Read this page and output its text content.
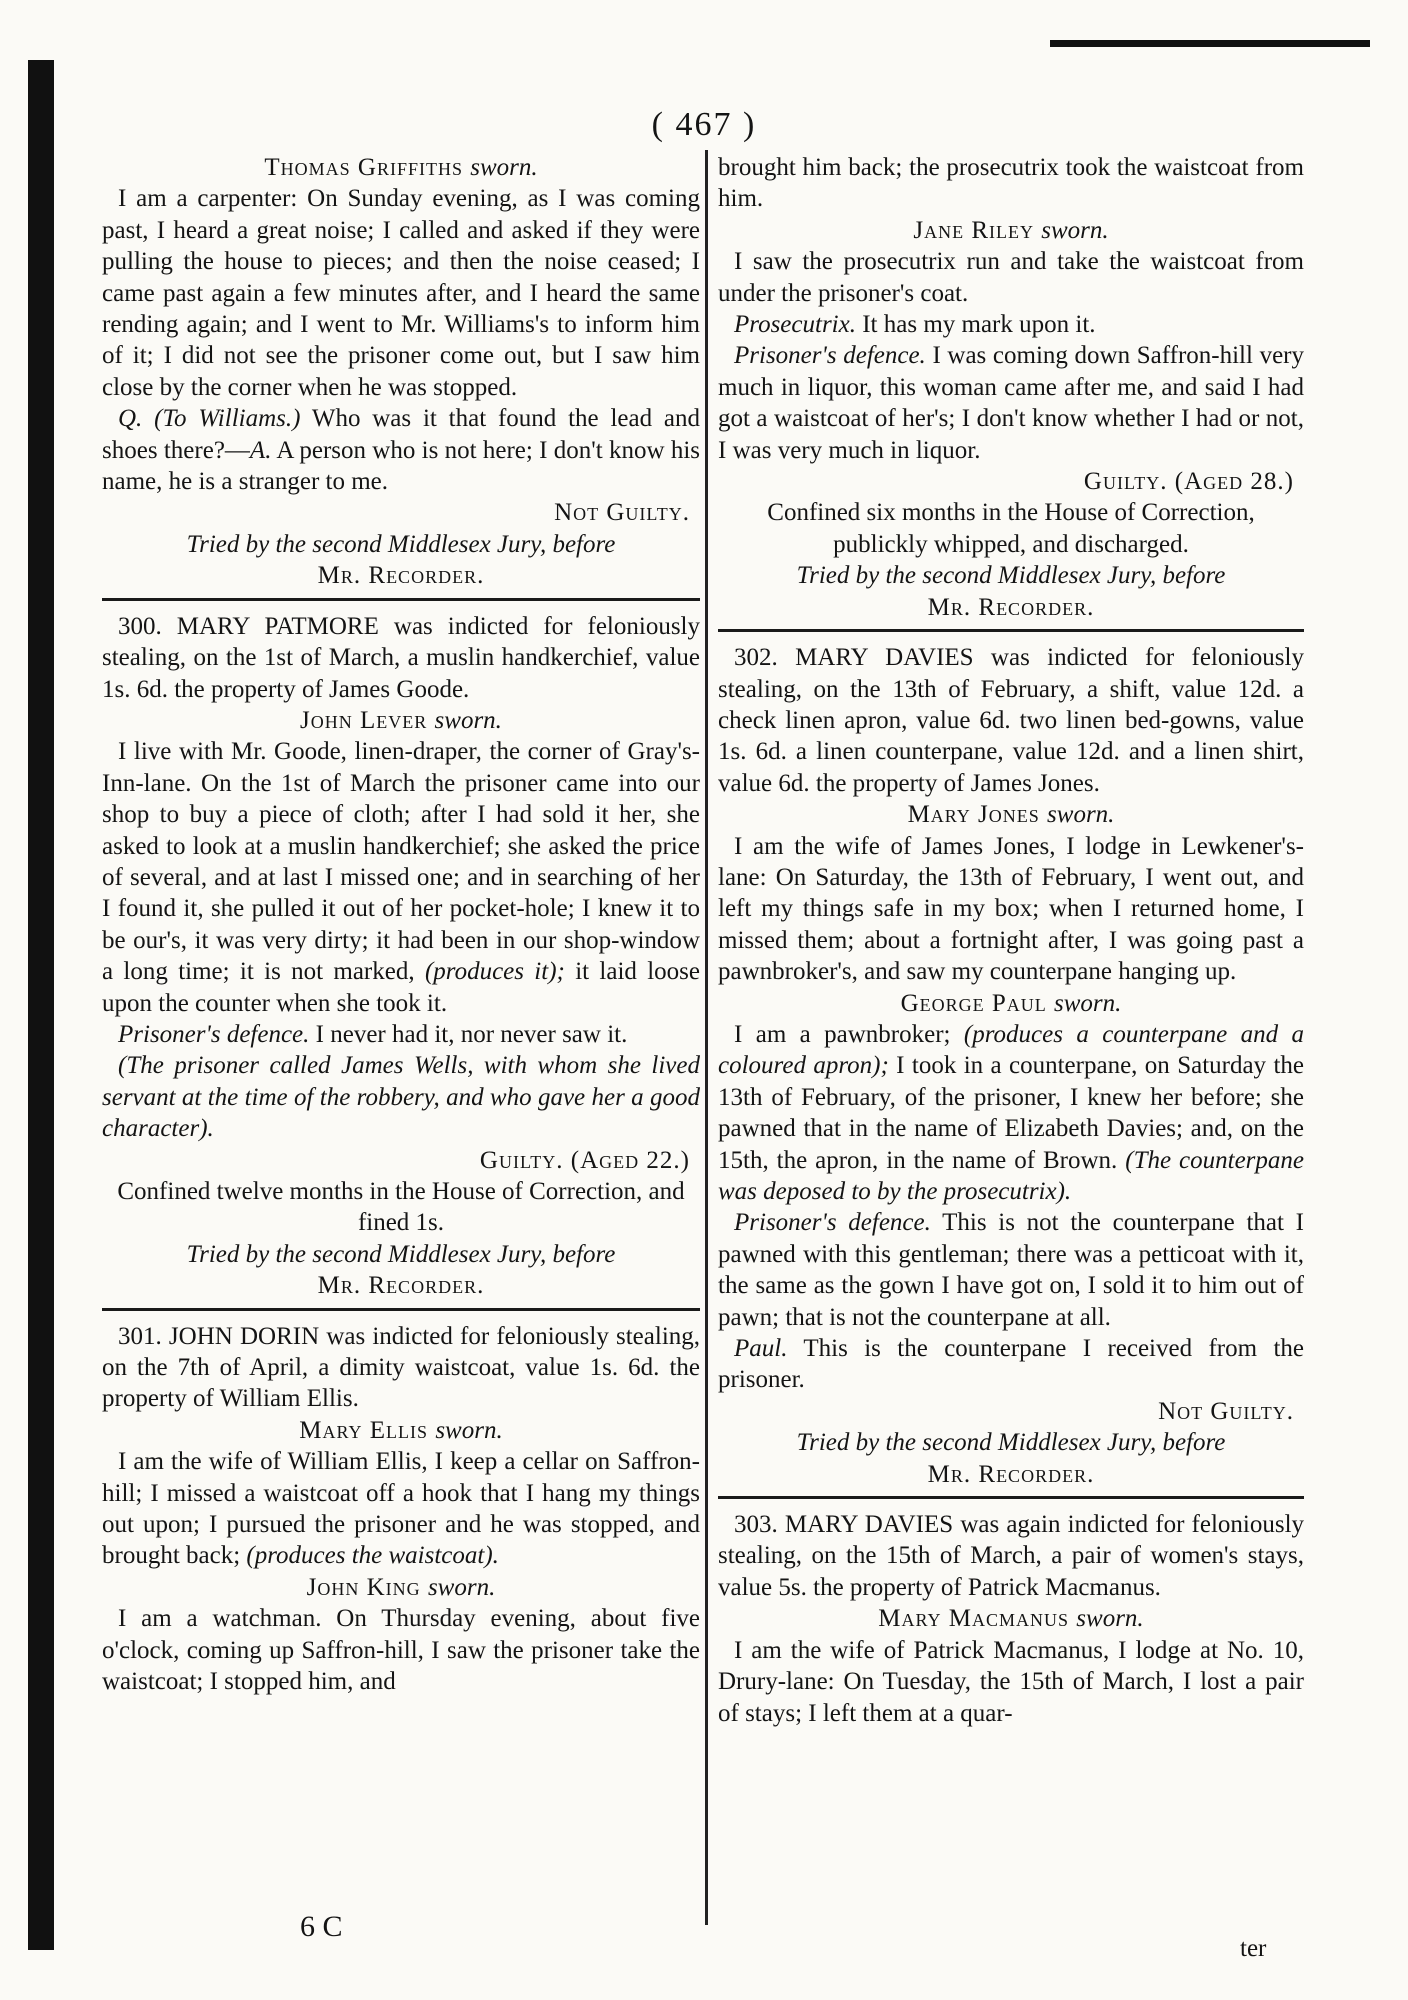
( 467 )
Thomas Griffiths sworn.

I am a carpenter: On Sunday evening, as I was coming past, I heard a great noise; I called and asked if they were pulling the house to pieces; and then the noise ceased; I came past again a few minutes after, and I heard the same rending again; and I went to Mr. Williams's to inform him of it; I did not see the prisoner come out, but I saw him close by the corner when he was stopped.

Q. (To Williams.) Who was it that found the lead and shoes there?—A. A person who is not here; I don't know his name, he is a stranger to me.

Not Guilty.
Tried by the second Middlesex Jury, before
Mr. Recorder.

300. MARY PATMORE was indicted for feloniously stealing, on the 1st of March, a muslin handkerchief, value 1s. 6d. the property of James Goode.

John Lever sworn.

I live with Mr. Goode, linen-draper, the corner of Gray's-Inn-lane. On the 1st of March the prisoner came into our shop to buy a piece of cloth; after I had sold it her, she asked to look at a muslin handkerchief; she asked the price of several, and at last I missed one; and in searching of her I found it, she pulled it out of her pocket-hole; I knew it to be our's, it was very dirty; it had been in our shop-window a long time; it is not marked, (produces it); it laid loose upon the counter when she took it.

Prisoner's defence. I never had it, nor never saw it.

(The prisoner called James Wells, with whom she lived servant at the time of the robbery, and who gave her a good character).

Guilty. (Aged 22.)
Confined twelve months in the House of Correction, and fined 1s.
Tried by the second Middlesex Jury, before
Mr. Recorder.

301. JOHN DORIN was indicted for feloniously stealing, on the 7th of April, a dimity waistcoat, value 1s. 6d. the property of William Ellis.

Mary Ellis sworn.

I am the wife of William Ellis, I keep a cellar on Saffron-hill; I missed a waistcoat off a hook that I hang my things out upon; I pursued the prisoner and he was stopped, and brought back; (produces the waistcoat).

John King sworn.

I am a watchman. On Thursday evening, about five o'clock, coming up Saffron-hill, I saw the prisoner take the waistcoat; I stopped him, and

brought him back; the prosecutrix took the waistcoat from him.

Jane Riley sworn.

I saw the prosecutrix run and take the waistcoat from under the prisoner's coat.

Prosecutrix. It has my mark upon it.

Prisoner's defence. I was coming down Saffron-hill very much in liquor, this woman came after me, and said I had got a waistcoat of her's; I don't know whether I had or not, I was very much in liquor.

Guilty. (Aged 28.)
Confined six months in the House of Correction, publickly whipped, and discharged.
Tried by the second Middlesex Jury, before
Mr. Recorder.

302. MARY DAVIES was indicted for feloniously stealing, on the 13th of February, a shift, value 12d. a check linen apron, value 6d. two linen bed-gowns, value 1s. 6d. a linen counterpane, value 12d. and a linen shirt, value 6d. the property of James Jones.

Mary Jones sworn.

I am the wife of James Jones, I lodge in Lewkener's-lane: On Saturday, the 13th of February, I went out, and left my things safe in my box; when I returned home, I missed them; about a fortnight after, I was going past a pawnbroker's, and saw my counterpane hanging up.

George Paul sworn.

I am a pawnbroker; (produces a counterpane and a coloured apron); I took in a counterpane, on Saturday the 13th of February, of the prisoner, I knew her before; she pawned that in the name of Elizabeth Davies; and, on the 15th, the apron, in the name of Brown. (The counterpane was deposed to by the prosecutrix).

Prisoner's defence. This is not the counterpane that I pawned with this gentleman; there was a petticoat with it, the same as the gown I have got on, I sold it to him out of pawn; that is not the counterpane at all.

Paul. This is the counterpane I received from the prisoner.

Not Guilty.
Tried by the second Middlesex Jury, before
Mr. Recorder.

303. MARY DAVIES was again indicted for feloniously stealing, on the 15th of March, a pair of women's stays, value 5s. the property of Patrick Macmanus.

Mary Macmanus sworn.

I am the wife of Patrick Macmanus, I lodge at No. 10, Drury-lane: On Tuesday, the 15th of March, I lost a pair of stays; I left them at a quar-

6 C
ter
